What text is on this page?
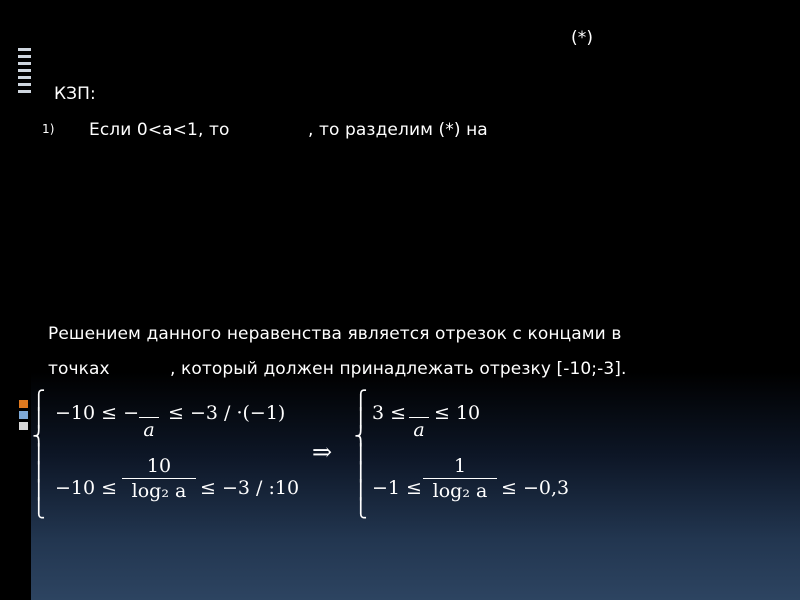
(*)
КЗП:
1) Если 0<a<1, то	, то разделим (*) на
Решением данного неравенства является отрезок с концами в
точках	, который должен принадлежать отрезку [-10;-3].
⎧
⎪
⎨
⎪
⎪
⎪
⎩
−10 ≤ −

a
≤ −3 / ·(−1)
−10 ≤
10
log₂ a ≤ −3 / :10
⇒
⎧
⎪
⎨
⎪
⎪
⎪
⎩
3 ≤

a
≤ 10
−1 ≤
1
log₂ a ≤ −0,3
